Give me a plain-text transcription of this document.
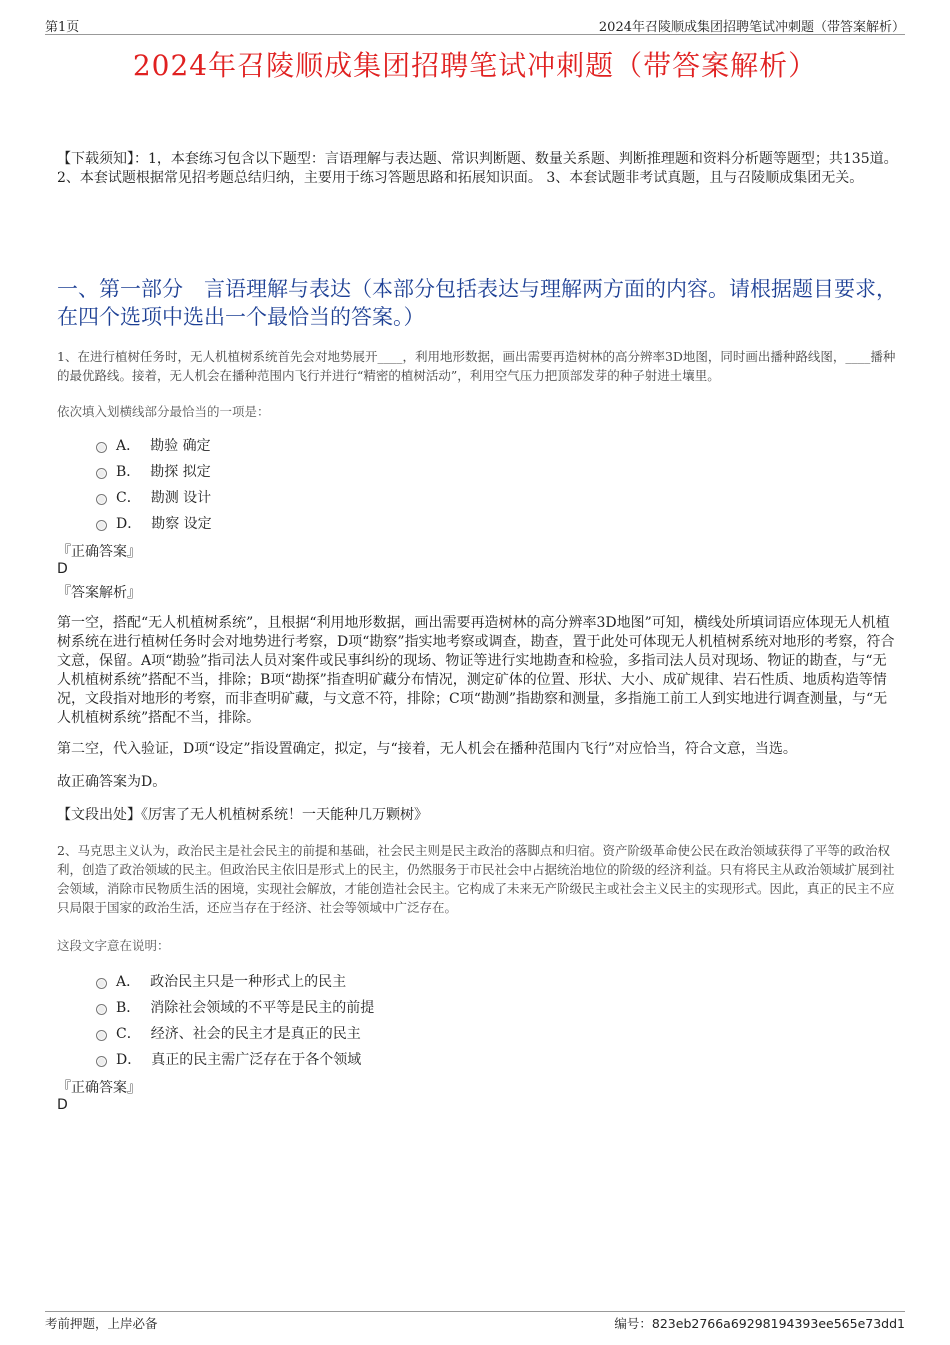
第1页	2024年召陵顺成集团招聘笔试冲刺题（带答案解析）
2024年召陵顺成集团招聘笔试冲刺题（带答案解析）
【下载须知】：1，本套练习包含以下题型：言语理解与表达题、常识判断题、数量关系题、判断推理题和资料分析题等题型；共135道。 2、本套试题根据常见招考题总结归纳，主要用于练习答题思路和拓展知识面。 3、本套试题非考试真题，且与召陵顺成集团无关。
一、第一部分　言语理解与表达（本部分包括表达与理解两方面的内容。请根据题目要求，在四个选项中选出一个最恰当的答案。）
1、在进行植树任务时，无人机植树系统首先会对地势展开____，利用地形数据，画出需要再造树林的高分辨率3D地图，同时画出播种路线图，____播种的最优路线。接着，无人机会在播种范围内飞行并进行“精密的植树活动”，利用空气压力把顶部发芽的种子射进土壤里。
依次填入划横线部分最恰当的一项是：
A． 勘验 确定
B． 勘探 拟定
C． 勘测 设计
D． 勘察 设定
『正确答案』
D
『答案解析』
第一空，搭配“无人机植树系统”，且根据“利用地形数据，画出需要再造树林的高分辨率3D地图”可知，横线处所填词语应体现无人机植树系统在进行植树任务时会对地势进行考察，D项“勘察”指实地考察或调查，勘查，置于此处可体现无人机植树系统对地形的考察，符合文意，保留。A项“勘验”指司法人员对案件或民事纠纷的现场、物证等进行实地勘查和检验，多指司法人员对现场、物证的勘查，与“无人机植树系统”搭配不当，排除；B项“勘探”指查明矿藏分布情况，测定矿体的位置、形状、大小、成矿规律、岩石性质、地质构造等情况，文段指对地形的考察，而非查明矿藏，与文意不符，排除；C项“勘测”指勘察和测量，多指施工前工人到实地进行调查测量，与“无人机植树系统”搭配不当，排除。
第二空，代入验证，D项“设定”指设置确定，拟定，与“接着，无人机会在播种范围内飞行”对应恰当，符合文意，当选。
故正确答案为D。
【文段出处】《厉害了无人机植树系统！一天能种几万颗树》
2、马克思主义认为，政治民主是社会民主的前提和基础，社会民主则是民主政治的落脚点和归宿。资产阶级革命使公民在政治领域获得了平等的政治权利，创造了政治领域的民主。但政治民主依旧是形式上的民主，仍然服务于市民社会中占据统治地位的阶级的经济利益。只有将民主从政治领域扩展到社会领域，消除市民物质生活的困境，实现社会解放，才能创造社会民主。它构成了未来无产阶级民主或社会主义民主的实现形式。因此，真正的民主不应只局限于国家的政治生活，还应当存在于经济、社会等领域中广泛存在。
这段文字意在说明：
A． 政治民主只是一种形式上的民主
B． 消除社会领域的不平等是民主的前提
C． 经济、社会的民主才是真正的民主
D． 真正的民主需广泛存在于各个领域
『正确答案』
D
考前押题，上岸必备	编号：823eb2766a69298194393ee565e73dd1
